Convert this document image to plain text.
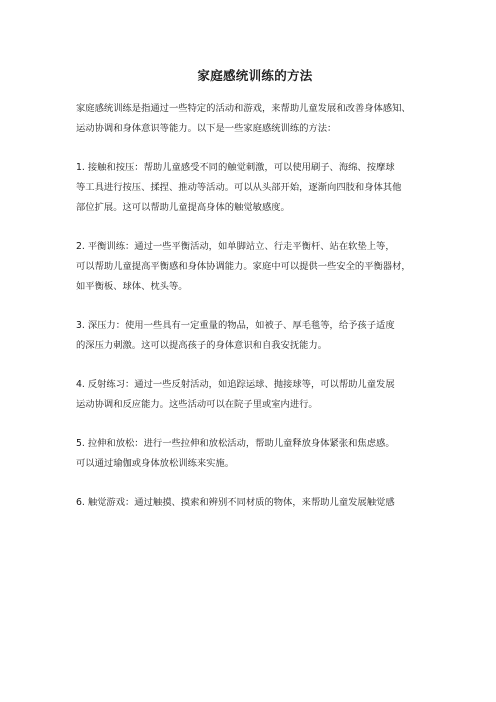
家庭感统训练的方法
家庭感统训练是指通过一些特定的活动和游戏，来帮助儿童发展和改善身体感知、
运动协调和身体意识等能力。以下是一些家庭感统训练的方法：
1. 接触和按压：帮助儿童感受不同的触觉刺激，可以使用刷子、海绵、按摩球
等工具进行按压、揉捏、推动等活动。可以从头部开始，逐渐向四肢和身体其他
部位扩展。这可以帮助儿童提高身体的触觉敏感度。
2. 平衡训练：通过一些平衡活动，如单脚站立、行走平衡杆、站在软垫上等，
可以帮助儿童提高平衡感和身体协调能力。家庭中可以提供一些安全的平衡器材，
如平衡板、球体、枕头等。
3. 深压力：使用一些具有一定重量的物品，如被子、厚毛毯等，给予孩子适度
的深压力刺激。这可以提高孩子的身体意识和自我安抚能力。
4. 反射练习：通过一些反射活动，如追踪运球、抛接球等，可以帮助儿童发展
运动协调和反应能力。这些活动可以在院子里或室内进行。
5. 拉伸和放松：进行一些拉伸和放松活动，帮助儿童释放身体紧张和焦虑感。
可以通过瑜伽或身体放松训练来实施。
6. 触觉游戏：通过触摸、摸索和辨别不同材质的物体，来帮助儿童发展触觉感
